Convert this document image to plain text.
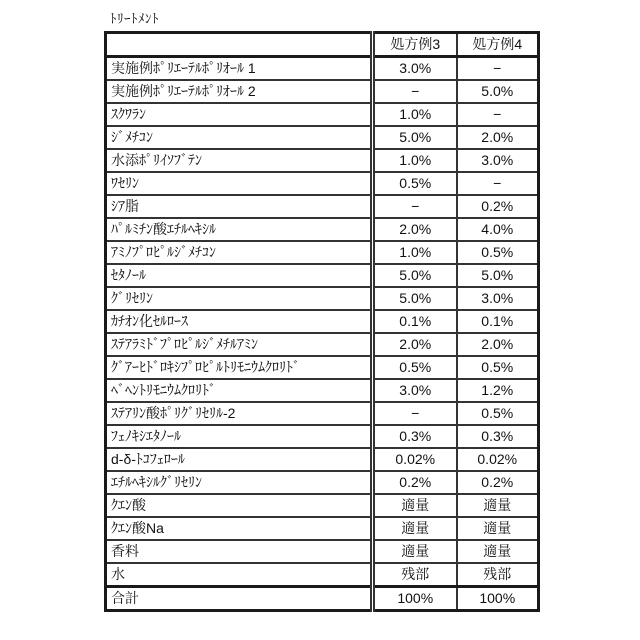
ﾄﾘｰﾄﾒﾝﾄ
	処方例3	処方例4
実施例ﾎﾟﾘｴｰﾃﾙﾎﾟﾘｵｰﾙ 1	3.0%	−
実施例ﾎﾟﾘｴｰﾃﾙﾎﾟﾘｵｰﾙ 2	−	5.0%
ｽｸﾜﾗﾝ	1.0%	−
ｼﾞﾒﾁｺﾝ	5.0%	2.0%
水添ﾎﾟﾘｲｿﾌﾞﾃﾝ	1.0%	3.0%
ﾜｾﾘﾝ	0.5%	−
ｼｱ脂	−	0.2%
ﾊﾟﾙﾐﾁﾝ酸ｴﾁﾙﾍｷｼﾙ	2.0%	4.0%
ｱﾐﾉﾌﾟﾛﾋﾟﾙｼﾞﾒﾁｺﾝ	1.0%	0.5%
ｾﾀﾉｰﾙ	5.0%	5.0%
ｸﾞﾘｾﾘﾝ	5.0%	3.0%
ｶﾁｵﾝ化ｾﾙﾛｰｽ	0.1%	0.1%
ｽﾃｱﾗﾐﾄﾞﾌﾟﾛﾋﾟﾙｼﾞﾒﾁﾙｱﾐﾝ	2.0%	2.0%
ｸﾞｱｰﾋﾄﾞﾛｷｼﾌﾟﾛﾋﾟﾙﾄﾘﾓﾆｳﾑｸﾛﾘﾄﾞ	0.5%	0.5%
ﾍﾞﾍﾝﾄﾘﾓﾆｳﾑｸﾛﾘﾄﾞ	3.0%	1.2%
ｽﾃｱﾘﾝ酸ﾎﾟﾘｸﾞﾘｾﾘﾙ-2	−	0.5%
ﾌｪﾉｷｼｴﾀﾉｰﾙ	0.3%	0.3%
d-δ-ﾄｺﾌｪﾛｰﾙ	0.02%	0.02%
ｴﾁﾙﾍｷｼﾙｸﾞﾘｾﾘﾝ	0.2%	0.2%
ｸｴﾝ酸	適量	適量
ｸｴﾝ酸Na	適量	適量
香料	適量	適量
水	残部	残部
合計	100%	100%
